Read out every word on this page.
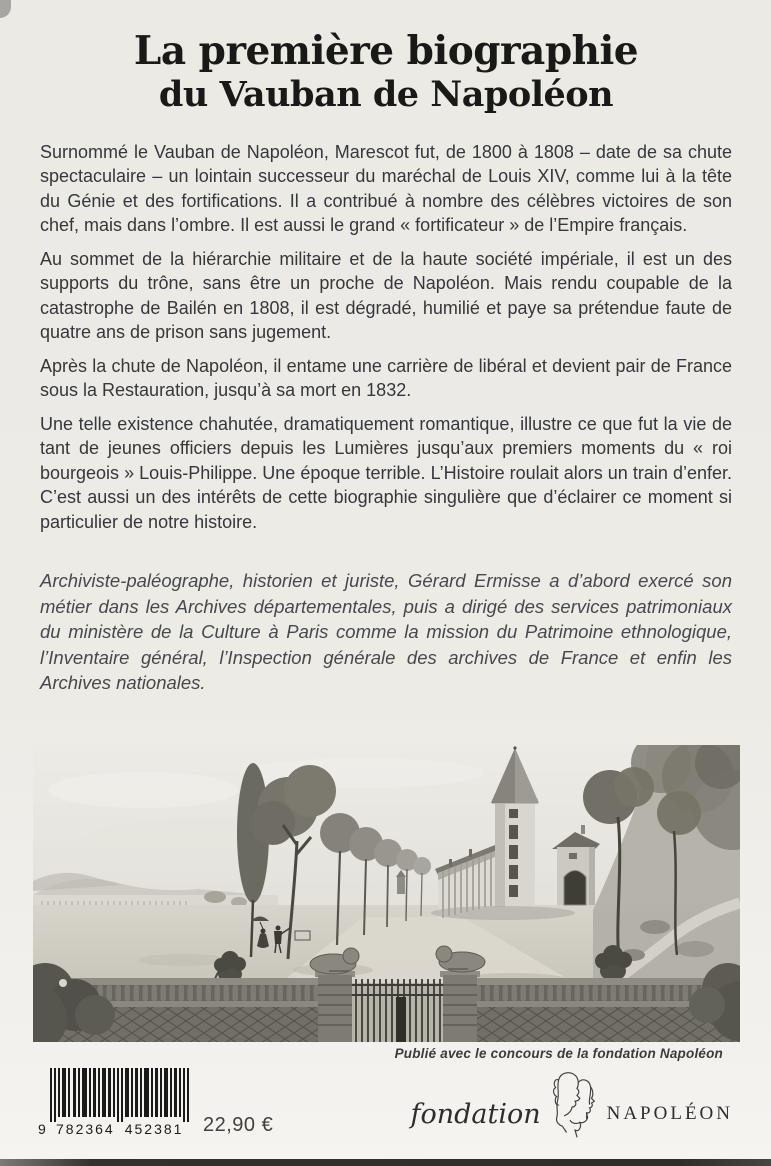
La première biographie
du Vauban de Napoléon

Surnommé le Vauban de Napoléon, Marescot fut, de 1800 à 1808 – date de sa chute spectaculaire – un lointain successeur du maréchal de Louis XIV, comme lui à la tête du Génie et des fortifications. Il a contribué à nombre des célèbres victoires de son chef, mais dans l’ombre. Il est aussi le grand « fortificateur » de l’Empire français.

Au sommet de la hiérarchie militaire et de la haute société impériale, il est un des supports du trône, sans être un proche de Napoléon. Mais rendu coupable de la catastrophe de Bailén en 1808, il est dégradé, humilié et paye sa prétendue faute de quatre ans de prison sans jugement.

Après la chute de Napoléon, il entame une carrière de libéral et devient pair de France sous la Restauration, jusqu’à sa mort en 1832.

Une telle existence chahutée, dramatiquement romantique, illustre ce que fut la vie de tant de jeunes officiers depuis les Lumières jusqu’aux premiers moments du « roi bourgeois » Louis-Philippe. Une époque terrible. L’Histoire roulait alors un train d’enfer. C’est aussi un des intérêts de cette biographie singulière que d’éclairer ce moment si particulier de notre histoire.

Archiviste-paléographe, historien et juriste, Gérard Ermisse a d’abord exercé son métier dans les Archives départementales, puis a dirigé des services patrimoniaux du ministère de la Culture à Paris comme la mission du Patrimoine ethnologique, l’Inventaire général, l’Inspection générale des archives de France et enfin les Archives nationales.
Publié avec le concours de la fondation Napoléon
9 782364 452381 22,90 €	fondation	NAPOLÉON
